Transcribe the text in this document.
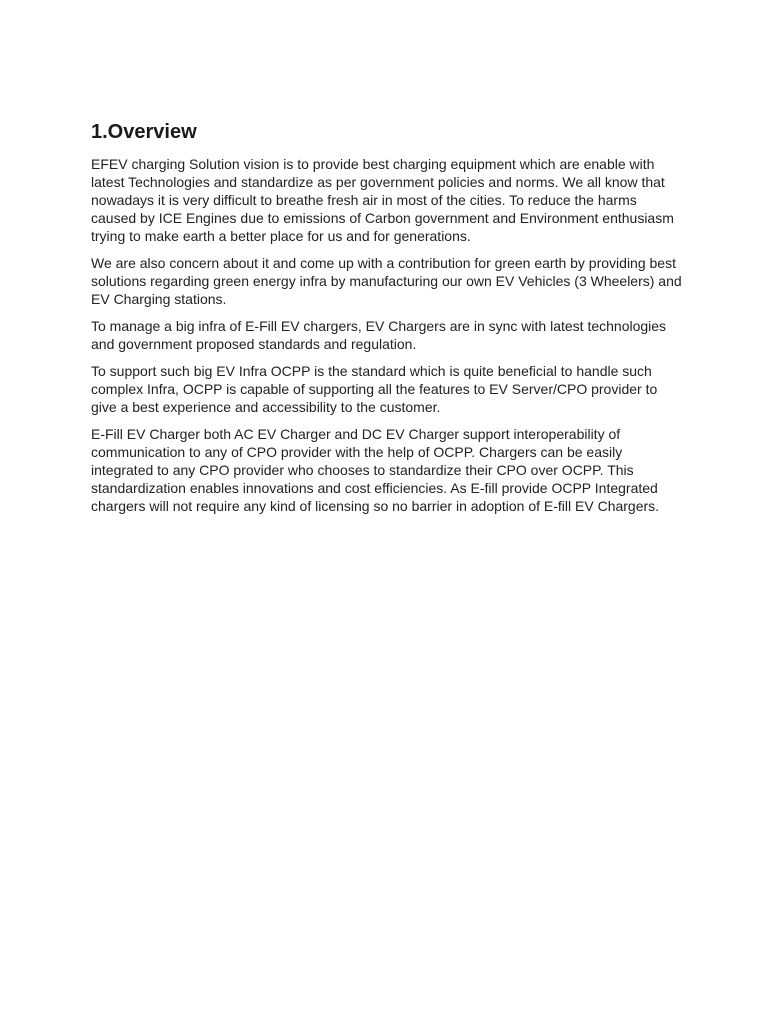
1.Overview

EFEV charging Solution vision is to provide best charging equipment which are enable with
latest Technologies and standardize as per government policies and norms. We all know that
nowadays it is very difficult to breathe fresh air in most of the cities. To reduce the harms
caused by ICE Engines due to emissions of Carbon government and Environment enthusiasm
trying to make earth a better place for us and for generations.

We are also concern about it and come up with a contribution for green earth by providing best
solutions regarding green energy infra by manufacturing our own EV Vehicles (3 Wheelers) and
EV Charging stations.

To manage a big infra of E-Fill EV chargers, EV Chargers are in sync with latest technologies
and government proposed standards and regulation.

To support such big EV Infra OCPP is the standard which is quite beneficial to handle such
complex Infra, OCPP is capable of supporting all the features to EV Server/CPO provider to
give a best experience and accessibility to the customer.

E-Fill EV Charger both AC EV Charger and DC EV Charger support interoperability of
communication to any of CPO provider with the help of OCPP. Chargers can be easily
integrated to any CPO provider who chooses to standardize their CPO over OCPP. This
standardization enables innovations and cost efficiencies. As E-fill provide OCPP Integrated
chargers will not require any kind of licensing so no barrier in adoption of E-fill EV Chargers.
